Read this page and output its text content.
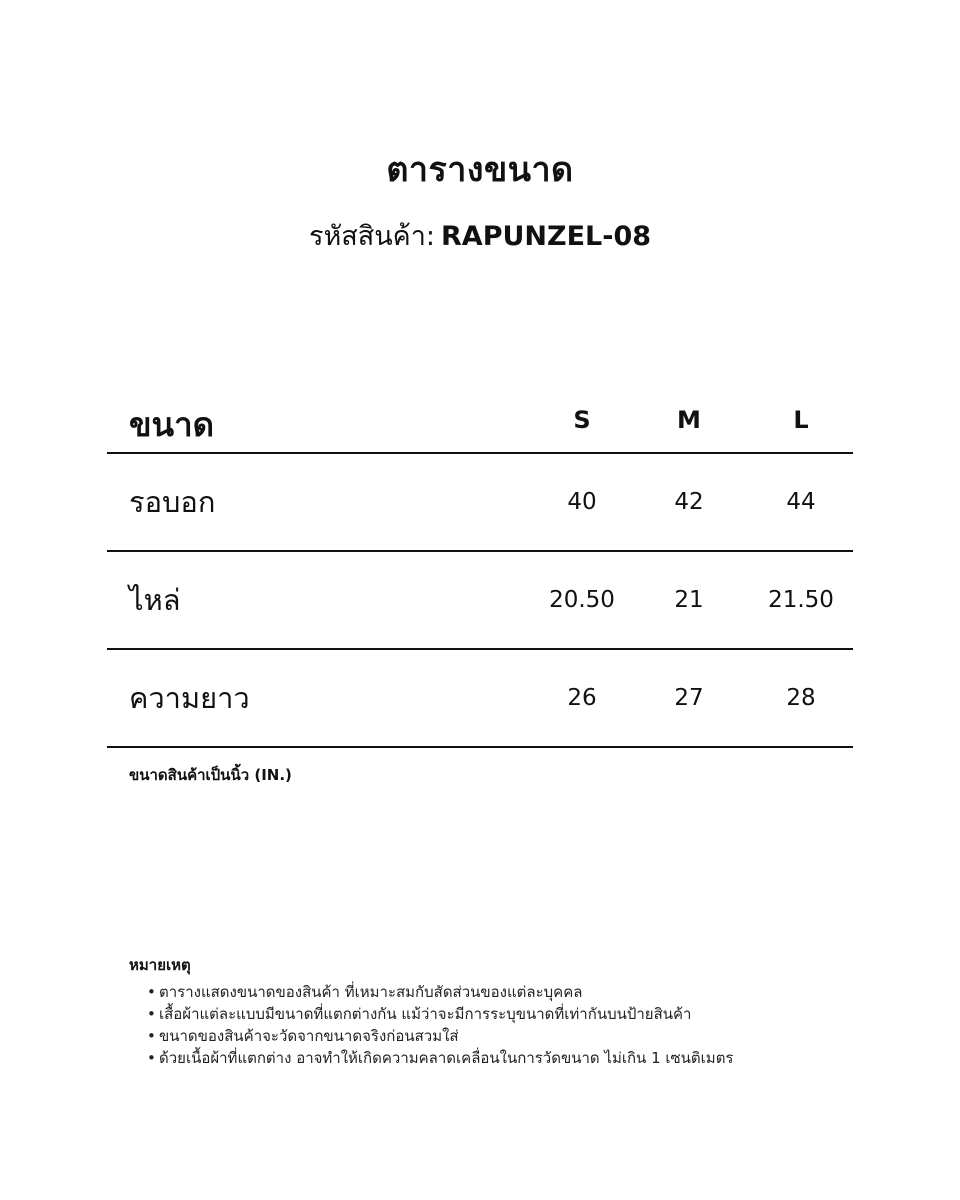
ตารางขนาด
รหัสสินค้า: RAPUNZEL-08
ขนาด	S	M	L
รอบอก	40	42	44
ไหล่	20.50	21	21.50
ความยาว	26	27	28
ขนาดสินค้าเป็นนิ้ว (IN.)
หมายเหตุ
• ตารางแสดงขนาดของสินค้า ที่เหมาะสมกับสัดส่วนของแต่ละบุคคล
• เสื้อผ้าแต่ละแบบมีขนาดที่แตกต่างกัน แม้ว่าจะมีการระบุขนาดที่เท่ากันบนป้ายสินค้า
• ขนาดของสินค้าจะวัดจากขนาดจริงก่อนสวมใส่
• ด้วยเนื้อผ้าที่แตกต่าง อาจทำให้เกิดความคลาดเคลื่อนในการวัดขนาด ไม่เกิน 1 เซนติเมตร
